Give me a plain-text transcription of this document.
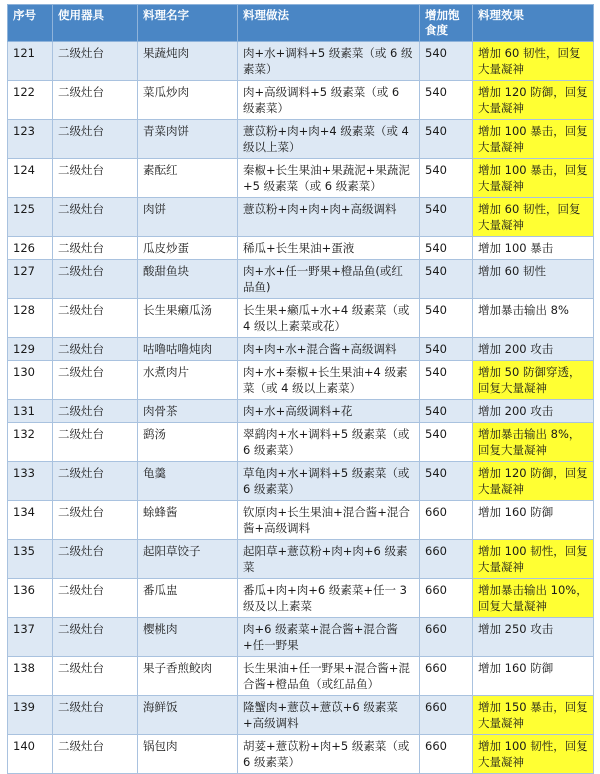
序号	使用器具	料理名字	料理做法	增加饱食度	料理效果
121	二级灶台	果蔬炖肉	肉+水+调料+5 级素菜（或 6 级素菜）	540	增加 60 韧性，回复大量凝神
122	二级灶台	菜瓜炒肉	肉+高级调料+5 级素菜（或 6 级素菜）	540	增加 120 防御，回复大量凝神
123	二级灶台	青菜肉饼	薏苡粉+肉+肉+4 级素菜（或 4 级以上菜）	540	增加 100 暴击，回复大量凝神
124	二级灶台	素酝红	秦椒+长生果油+果蔬泥+果蔬泥+5 级素菜（或 6 级素菜）	540	增加 100 暴击，回复大量凝神
125	二级灶台	肉饼	薏苡粉+肉+肉+肉+高级调料	540	增加 60 韧性，回复大量凝神
126	二级灶台	瓜皮炒蛋	稀瓜+长生果油+蛋液	540	增加 100 暴击
127	二级灶台	酸甜鱼块	肉+水+任一野果+橙品鱼(或红品鱼)	540	增加 60 韧性
128	二级灶台	长生果癞瓜汤	长生果+癞瓜+水+4 级素菜（或 4 级以上素菜或花）	540	增加暴击输出 8%
129	二级灶台	咕噜咕噜炖肉	肉+肉+水+混合酱+高级调料	540	增加 200 攻击
130	二级灶台	水煮肉片	肉+水+秦椒+长生果油+4 级素菜（或 4 级以上素菜）	540	增加 50 防御穿透，回复大量凝神
131	二级灶台	肉骨茶	肉+水+高级调料+花	540	增加 200 攻击
132	二级灶台	鹞汤	翠鹞肉+水+调料+5 级素菜（或 6 级素菜）	540	增加暴击输出 8%，回复大量凝神
133	二级灶台	龟羹	草龟肉+水+调料+5 级素菜（或 6 级素菜）	540	增加 120 防御，回复大量凝神
134	二级灶台	蜍蜂酱	钦原肉+长生果油+混合酱+混合酱+高级调料	660	增加 160 防御
135	二级灶台	起阳草饺子	起阳草+薏苡粉+肉+肉+6 级素菜	660	增加 100 韧性，回复大量凝神
136	二级灶台	番瓜盅	番瓜+肉+肉+6 级素菜+任一 3 级及以上素菜	660	增加暴击输出 10%，回复大量凝神
137	二级灶台	樱桃肉	肉+6 级素菜+混合酱+混合酱+任一野果	660	增加 250 攻击
138	二级灶台	果子香煎鲛肉	长生果油+任一野果+混合酱+混合酱+橙品鱼（或红品鱼）	660	增加 160 防御
139	二级灶台	海鲜饭	隆蟹肉+薏苡+薏苡+6 级素菜+高级调料	660	增加 150 暴击，回复大量凝神
140	二级灶台	锅包肉	胡荽+薏苡粉+肉+5 级素菜（或 6 级素菜）	660	增加 100 韧性，回复大量凝神
